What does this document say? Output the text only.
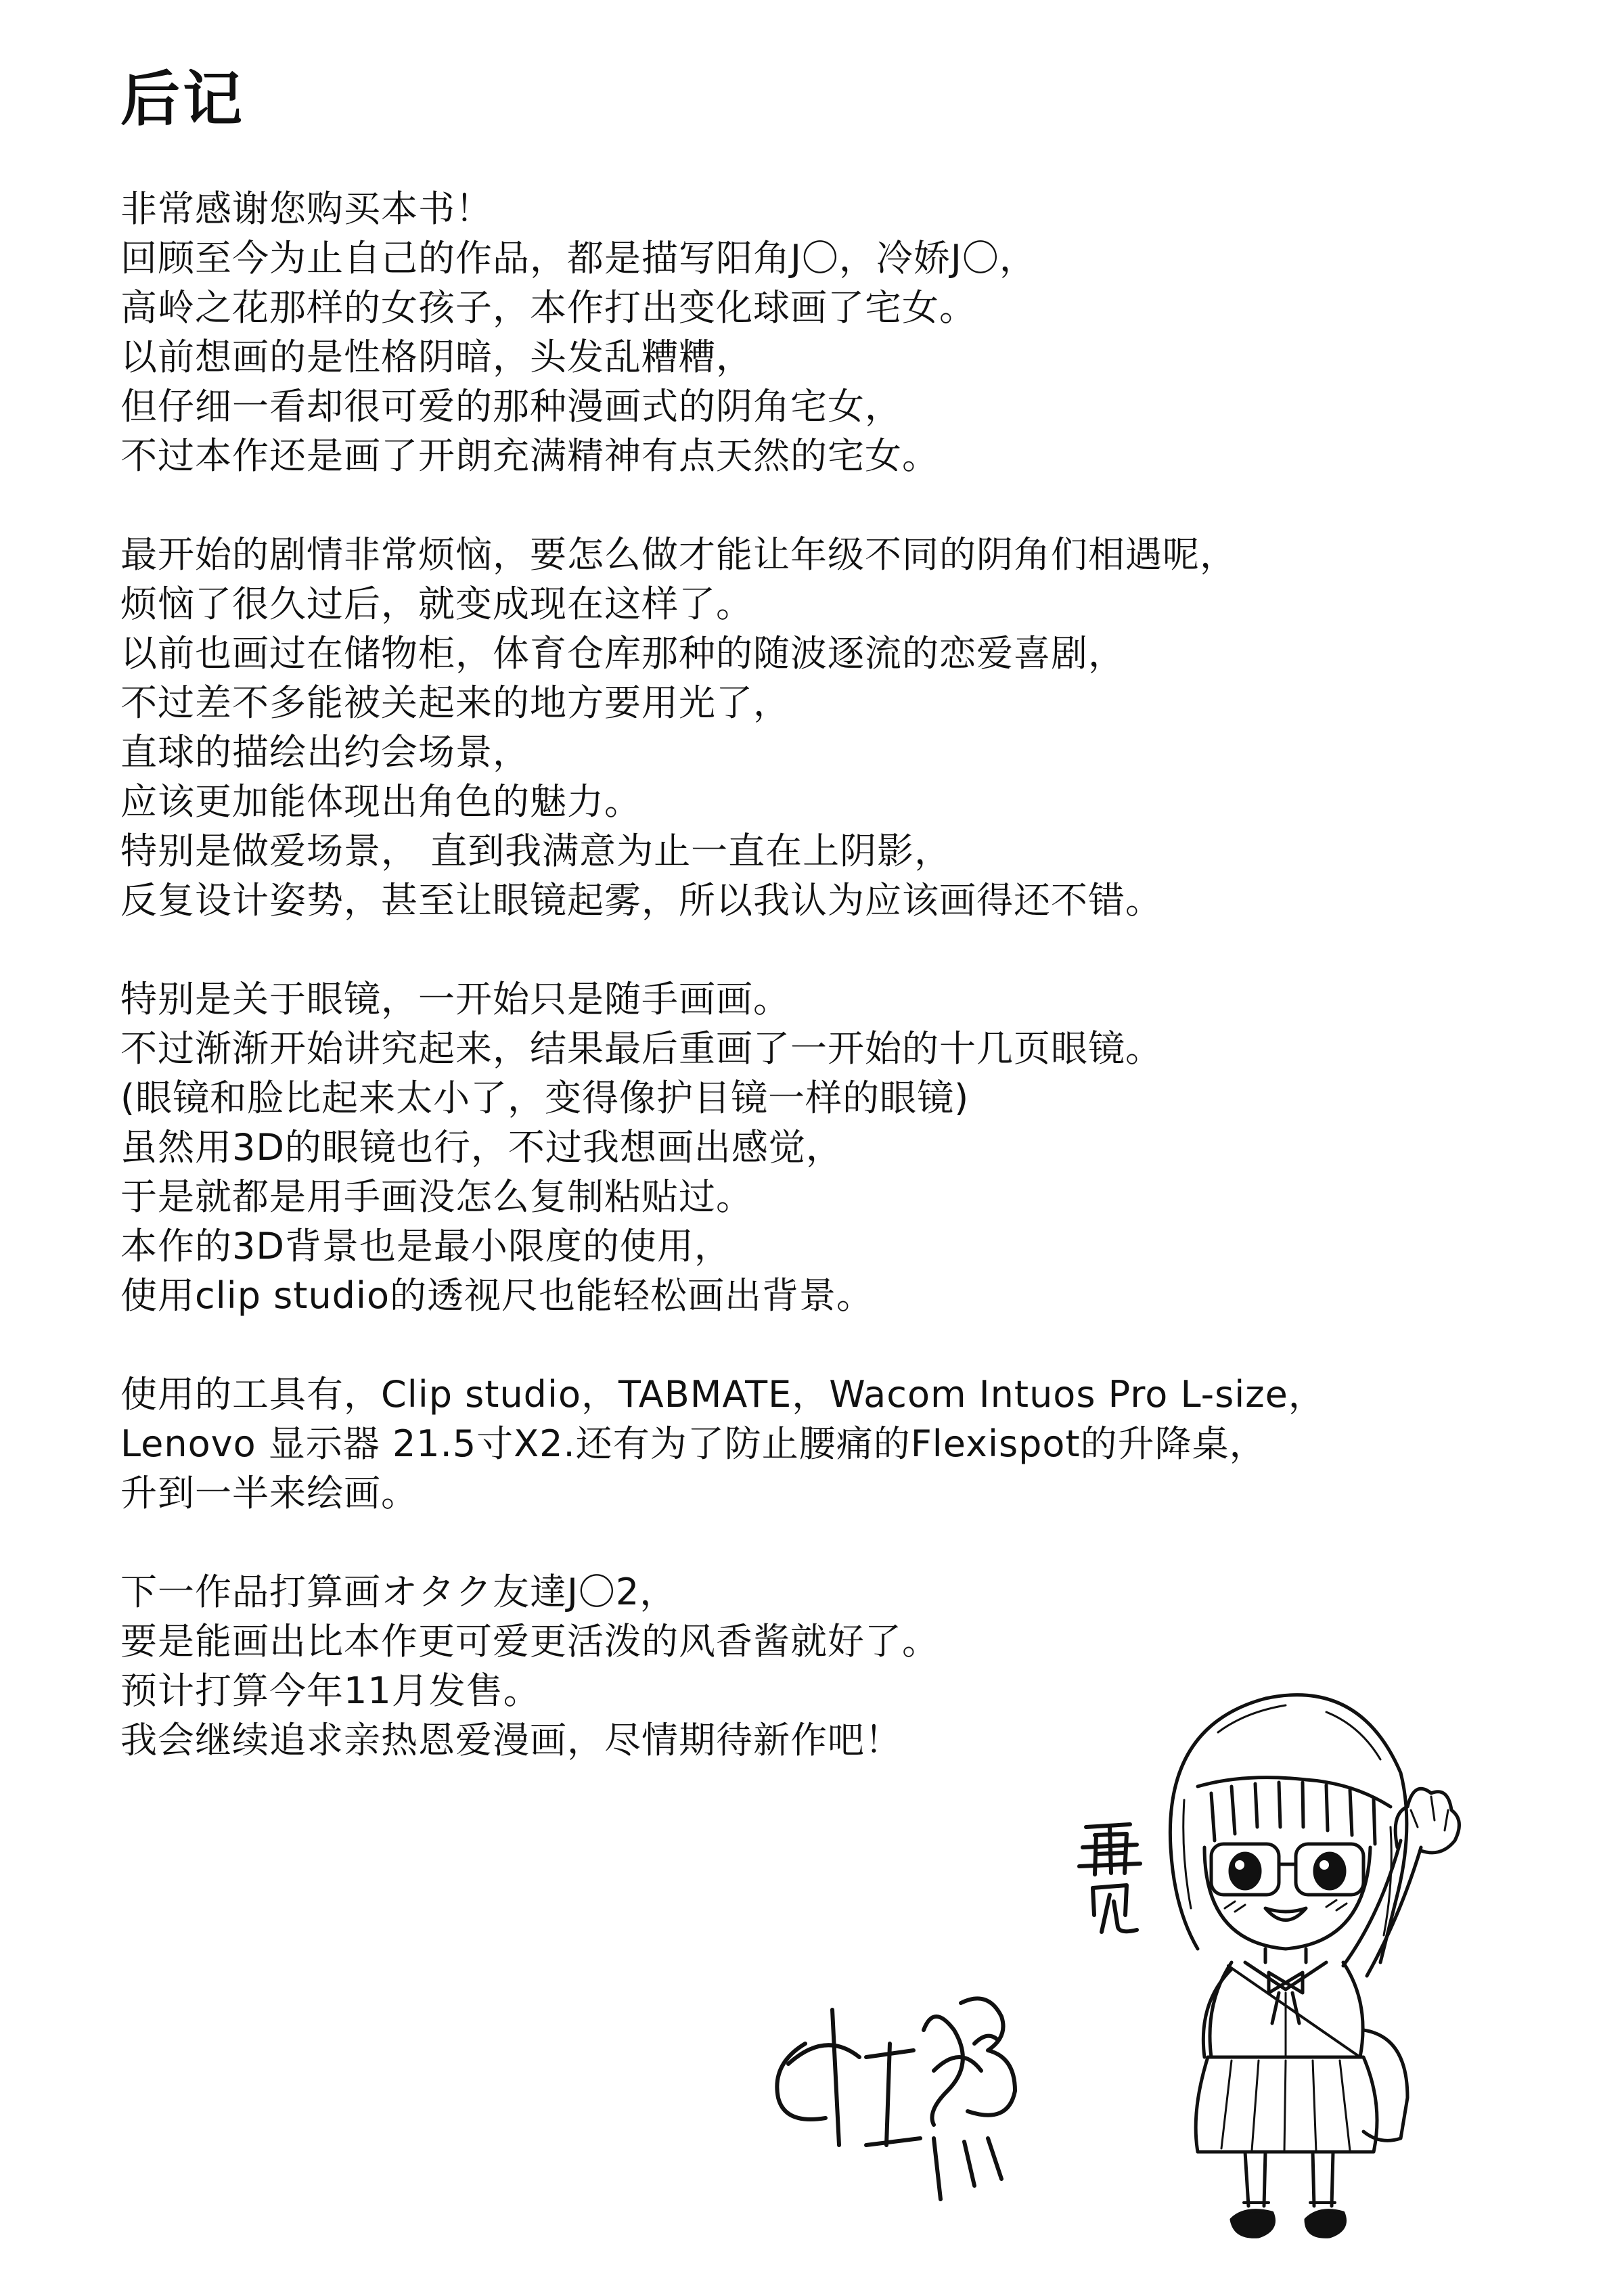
后记
非常感谢您购买本书！
回顾至今为止自己的作品，都是描写阳角J〇，冷娇J〇，
高岭之花那样的女孩子，本作打出变化球画了宅女。
以前想画的是性格阴暗，头发乱糟糟，
但仔细一看却很可爱的那种漫画式的阴角宅女，
不过本作还是画了开朗充满精神有点天然的宅女。
最开始的剧情非常烦恼，要怎么做才能让年级不同的阴角们相遇呢，
烦恼了很久过后，就变成现在这样了。
以前也画过在储物柜，体育仓库那种的随波逐流的恋爱喜剧，
不过差不多能被关起来的地方要用光了，
直球的描绘出约会场景，
应该更加能体现出角色的魅力。
特别是做爱场景， 直到我满意为止一直在上阴影，
反复设计姿势，甚至让眼镜起雾，所以我认为应该画得还不错。
特别是关于眼镜，一开始只是随手画画。
不过渐渐开始讲究起来，结果最后重画了一开始的十几页眼镜。
(眼镜和脸比起来太小了，变得像护目镜一样的眼镜)
虽然用3D的眼镜也行，不过我想画出感觉，
于是就都是用手画没怎么复制粘贴过。
本作的3D背景也是最小限度的使用，
使用clip studio的透视尺也能轻松画出背景。
使用的工具有，Clip studio，TABMATE，Wacom Intuos Pro L-size，
Lenovo 显示器 21.5寸X2.还有为了防止腰痛的Flexispot的升降桌，
升到一半来绘画。
下一作品打算画オタク友達J〇2，
要是能画出比本作更可爱更活泼的风香酱就好了。
预计打算今年11月发售。
我会继续追求亲热恩爱漫画，尽情期待新作吧！
